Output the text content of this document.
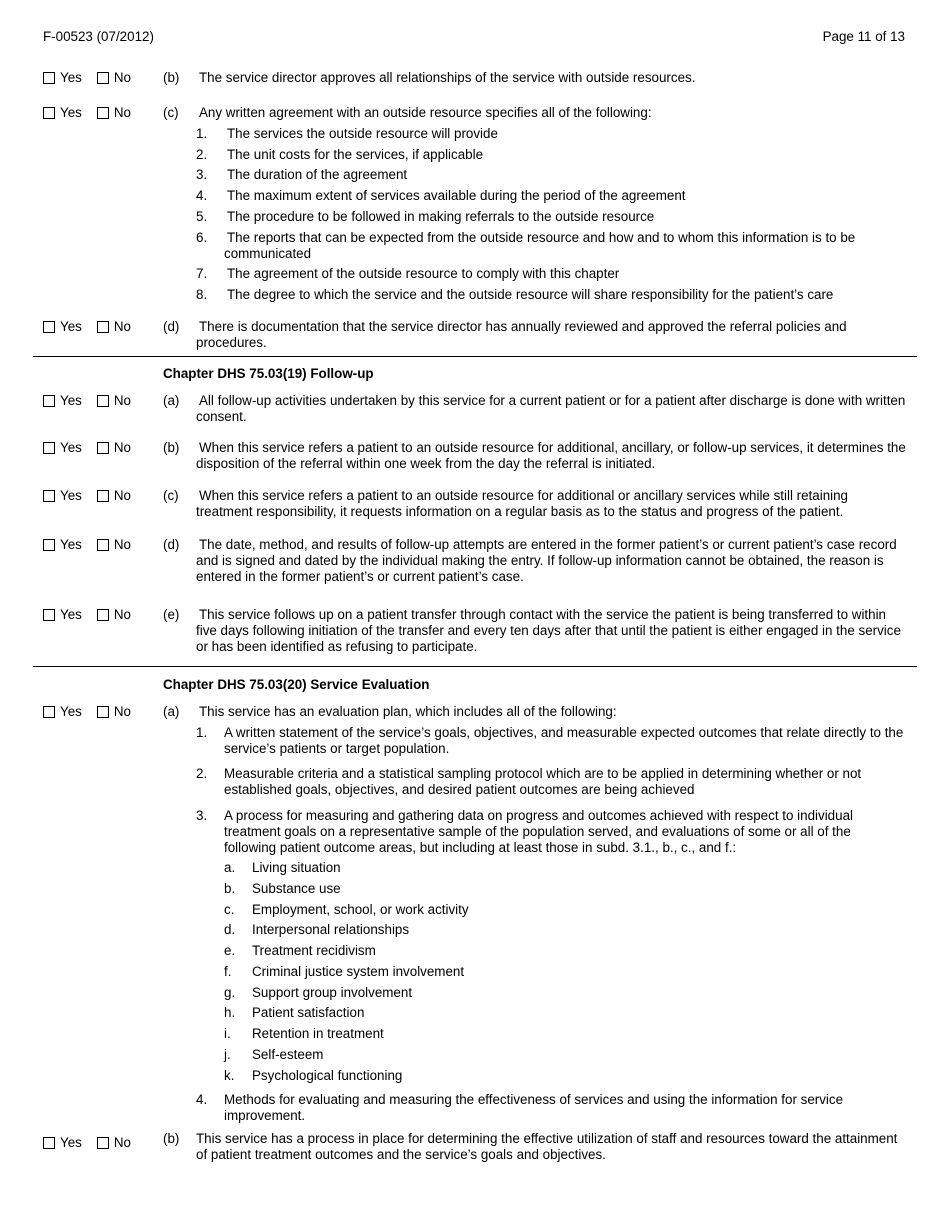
F-00523 (07/2012)	Page 11 of 13
Yes No (b) The service director approves all relationships of the service with outside resources.
Yes No (c) Any written agreement with an outside resource specifies all of the following:
1.	The services the outside resource will provide
2.	The unit costs for the services, if applicable
3.	The duration of the agreement
4.	The maximum extent of services available during the period of the agreement
5.	The procedure to be followed in making referrals to the outside resource
6.	The reports that can be expected from the outside resource and how and to whom this information is to be communicated
7.	The agreement of the outside resource to comply with this chapter
8.	The degree to which the service and the outside resource will share responsibility for the patient’s care
Yes No (d) There is documentation that the service director has annually reviewed and approved the referral policies and procedures.
Chapter DHS 75.03(19) Follow-up
Yes No (a) All follow-up activities undertaken by this service for a current patient or for a patient after discharge is done with written consent.
Yes No (b) When this service refers a patient to an outside resource for additional, ancillary, or follow-up services, it determines the disposition of the referral within one week from the day the referral is initiated.
Yes No (c) When this service refers a patient to an outside resource for additional or ancillary services while still retaining treatment responsibility, it requests information on a regular basis as to the status and progress of the patient.
Yes No (d) The date, method, and results of follow-up attempts are entered in the former patient’s or current patient’s case record and is signed and dated by the individual making the entry. If follow-up information cannot be obtained, the reason is entered in the former patient’s or current patient’s case.
Yes No (e) This service follows up on a patient transfer through contact with the service the patient is being transferred to within five days following initiation of the transfer and every ten days after that until the patient is either engaged in the service or has been identified as refusing to participate.
Chapter DHS 75.03(20) Service Evaluation
Yes No (a) This service has an evaluation plan, which includes all of the following:
1.	A written statement of the service’s goals, objectives, and measurable expected outcomes that relate directly to the service’s patients or target population.
2.	Measurable criteria and a statistical sampling protocol which are to be applied in determining whether or not established goals, objectives, and desired patient outcomes are being achieved
3.	A process for measuring and gathering data on progress and outcomes achieved with respect to individual treatment goals on a representative sample of the population served, and evaluations of some or all of the following patient outcome areas, but including at least those in subd. 3.1., b., c., and f.:
a. Living situation
b. Substance use
c. Employment, school, or work activity
d. Interpersonal relationships
e. Treatment recidivism
f. Criminal justice system involvement
g. Support group involvement
h. Patient satisfaction
i. Retention in treatment
j. Self-esteem
k. Psychological functioning
4.	Methods for evaluating and measuring the effectiveness of services and using the information for service improvement.
Yes No (b) This service has a process in place for determining the effective utilization of staff and resources toward the attainment of patient treatment outcomes and the service’s goals and objectives.
